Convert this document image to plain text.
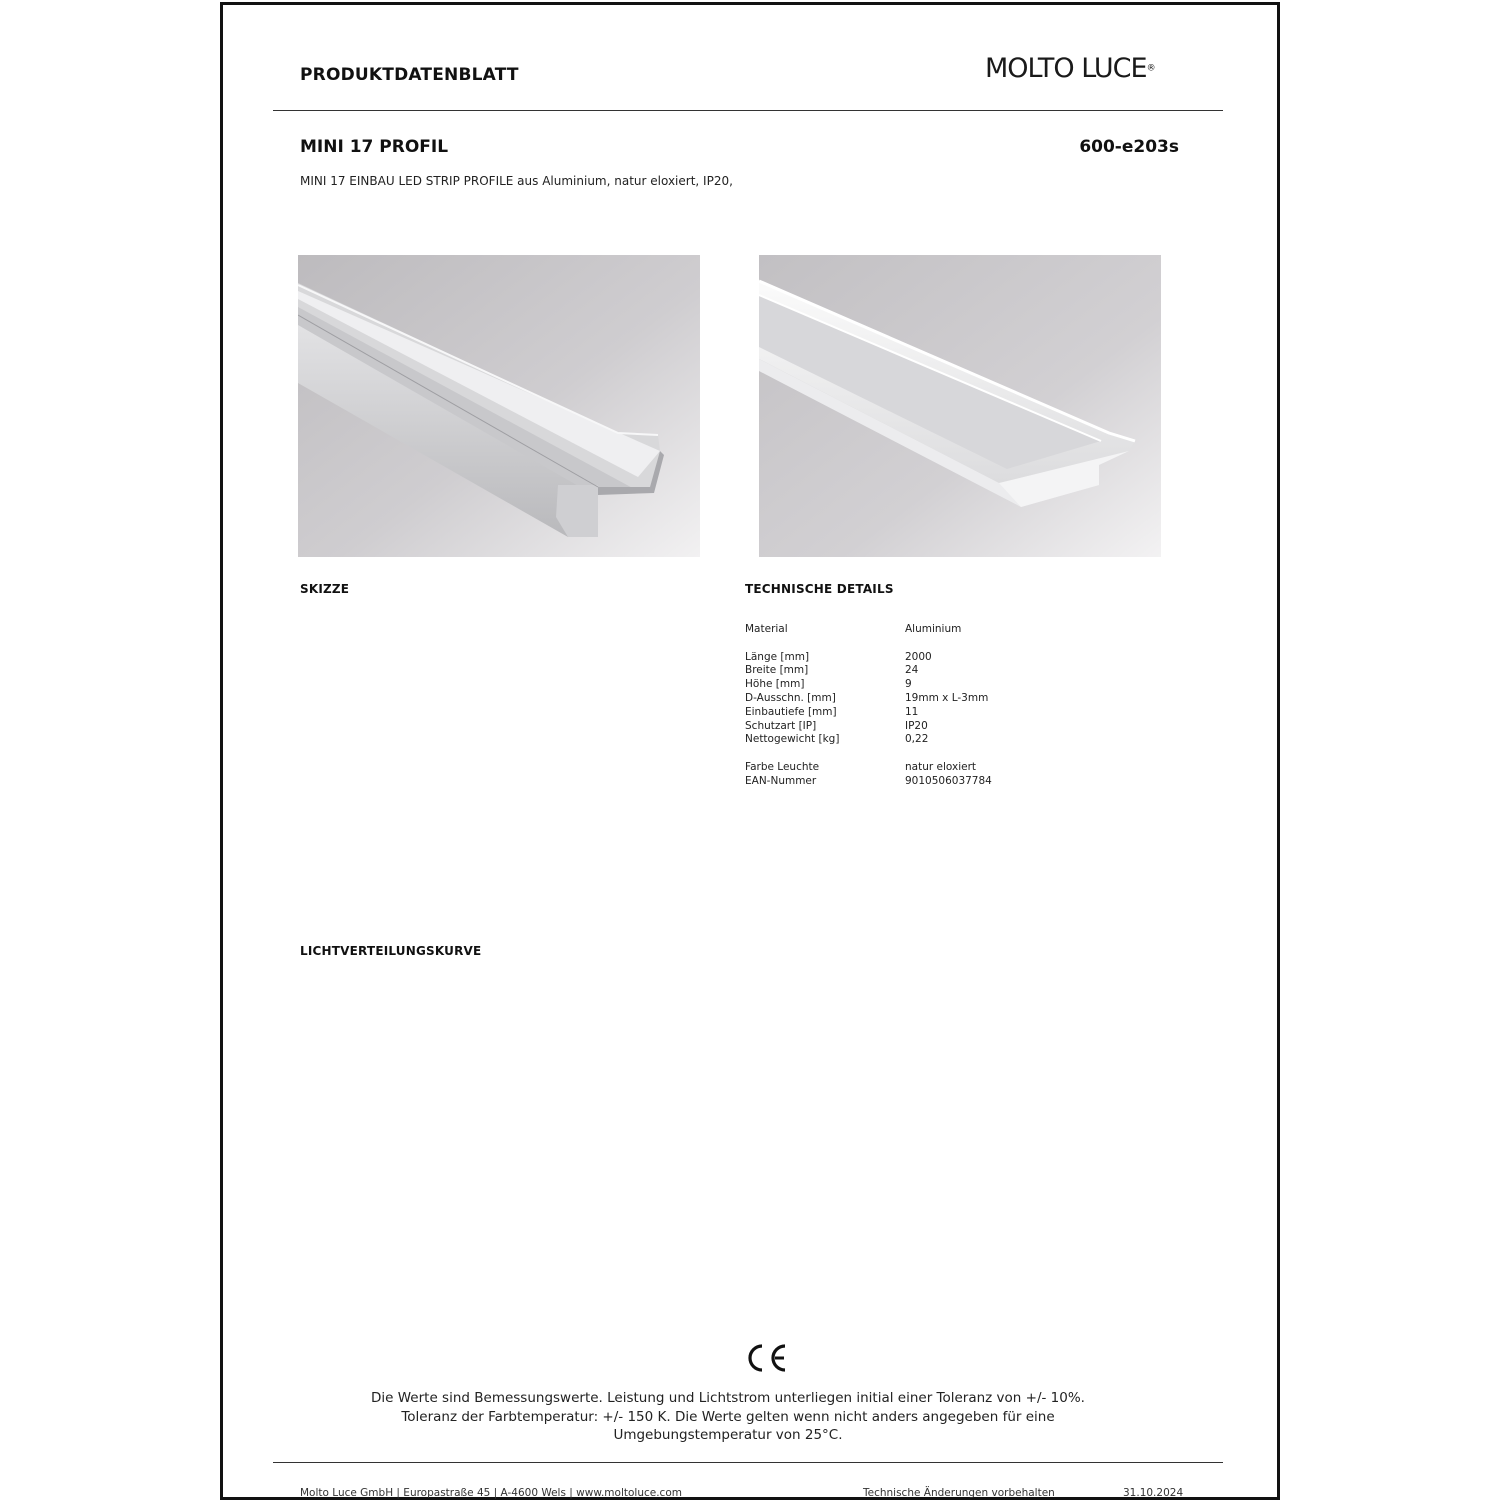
PRODUKTDATENBLATT	MOLTO LUCE®
MINI 17 PROFIL	600-e203s
MINI 17 EINBAU LED STRIP PROFILE aus Aluminium, natur eloxiert, IP20,
SKIZZE	TECHNISCHE DETAILS
Material	Aluminium
Länge [mm]	2000
Breite [mm]	24
Höhe [mm]	9
D-Ausschn. [mm]	19mm x L-3mm
Einbautiefe [mm]	11
Schutzart [IP]	IP20
Nettogewicht [kg]	0,22
Farbe Leuchte	natur eloxiert
EAN-Nummer	9010506037784
LICHTVERTEILUNGSKURVE
Die Werte sind Bemessungswerte. Leistung und Lichtstrom unterliegen initial einer Toleranz von +/- 10%.
Toleranz der Farbtemperatur: +/- 150 K. Die Werte gelten wenn nicht anders angegeben für eine
Umgebungstemperatur von 25°C.
Molto Luce GmbH | Europastraße 45 | A-4600 Wels | www.moltoluce.com	Technische Änderungen vorbehalten	31.10.2024
